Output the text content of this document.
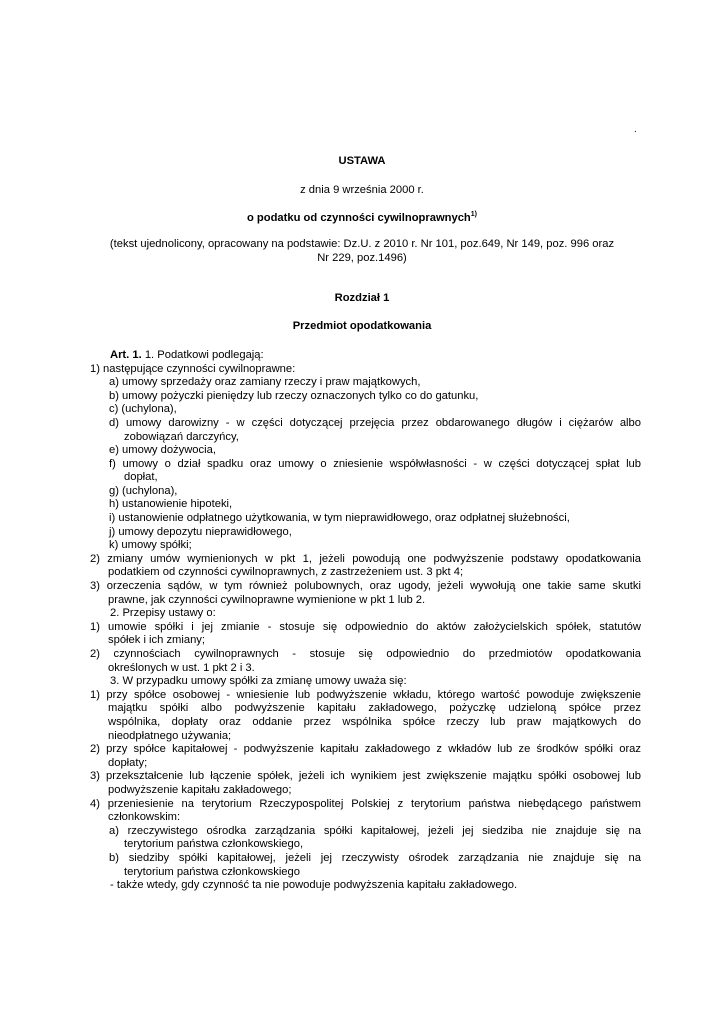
.
USTAWA
z dnia 9 września 2000 r.
o podatku od czynności cywilnoprawnych$^{1)}$
(tekst ujednolicony, opracowany na podstawie: Dz.U. z 2010 r. Nr 101, poz.649, Nr 149, poz. 996 oraz
Nr 229, poz.1496)
Rozdział 1
Przedmiot opodatkowania
Art. 1. 1. Podatkowi podlegają:
1) następujące czynności cywilnoprawne:
a) umowy sprzedaży oraz zamiany rzeczy i praw majątkowych,
b) umowy pożyczki pieniędzy lub rzeczy oznaczonych tylko co do gatunku,
c) (uchylona),
d) umowy darowizny - w części dotyczącej przejęcia przez obdarowanego długów i ciężarów albo
zobowiązań darczyńcy,
e) umowy dożywocia,
f) umowy o dział spadku oraz umowy o zniesienie współwłasności - w części dotyczącej spłat lub
dopłat,
g) (uchylona),
h) ustanowienie hipoteki,
i) ustanowienie odpłatnego użytkowania, w tym nieprawidłowego, oraz odpłatnej służebności,
j) umowy depozytu nieprawidłowego,
k) umowy spółki;
2) zmiany umów wymienionych w pkt 1, jeżeli powodują one podwyższenie podstawy opodatkowania
podatkiem od czynności cywilnoprawnych, z zastrzeżeniem ust. 3 pkt 4;
3) orzeczenia sądów, w tym również polubownych, oraz ugody, jeżeli wywołują one takie same skutki
prawne, jak czynności cywilnoprawne wymienione w pkt 1 lub 2.
2. Przepisy ustawy o:
1) umowie spółki i jej zmianie - stosuje się odpowiednio do aktów założycielskich spółek, statutów
spółek i ich zmiany;
2) czynnościach cywilnoprawnych - stosuje się odpowiednio do przedmiotów opodatkowania
określonych w ust. 1 pkt 2 i 3.
3. W przypadku umowy spółki za zmianę umowy uważa się:
1) przy spółce osobowej - wniesienie lub podwyższenie wkładu, którego wartość powoduje zwiększenie
majątku spółki albo podwyższenie kapitału zakładowego, pożyczkę udzieloną spółce przez
wspólnika, dopłaty oraz oddanie przez wspólnika spółce rzeczy lub praw majątkowych do
nieodpłatnego używania;
2) przy spółce kapitałowej - podwyższenie kapitału zakładowego z wkładów lub ze środków spółki oraz
dopłaty;
3) przekształcenie lub łączenie spółek, jeżeli ich wynikiem jest zwiększenie majątku spółki osobowej lub
podwyższenie kapitału zakładowego;
4) przeniesienie na terytorium Rzeczypospolitej Polskiej z terytorium państwa niebędącego państwem
członkowskim:
a) rzeczywistego ośrodka zarządzania spółki kapitałowej, jeżeli jej siedziba nie znajduje się na
terytorium państwa członkowskiego,
b) siedziby spółki kapitałowej, jeżeli jej rzeczywisty ośrodek zarządzania nie znajduje się na
terytorium państwa członkowskiego
- także wtedy, gdy czynność ta nie powoduje podwyższenia kapitału zakładowego.
